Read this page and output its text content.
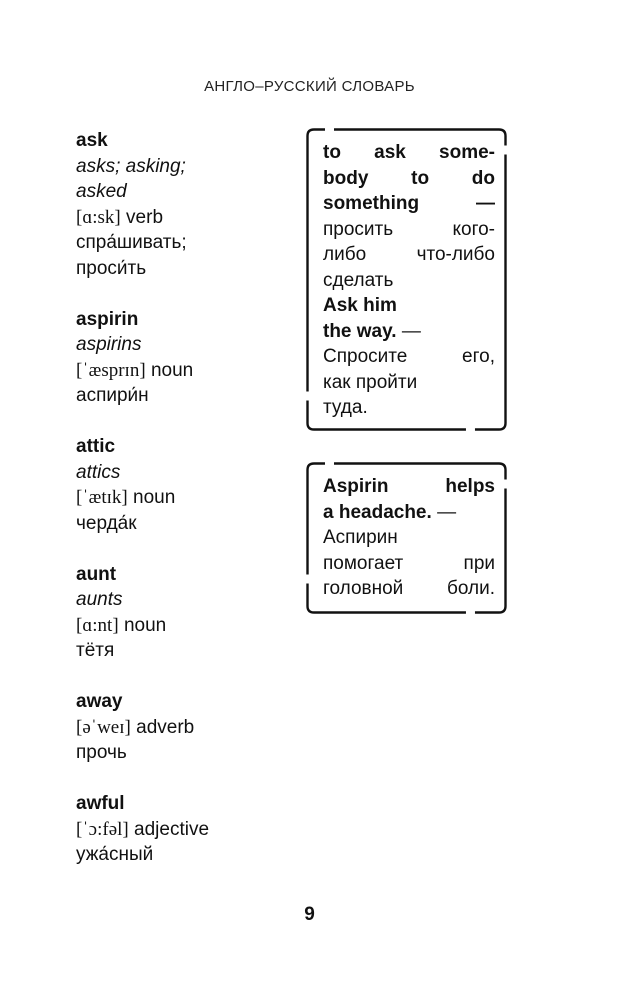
АНГЛО–РУССКИЙ СЛОВАРЬ
ask
asks; asking;
asked
[ɑ:sk] verb
спра́шивать;
проси́ть
aspirin
aspirins
[ˈæsprɪn] noun
аспири́н
attic
attics
[ˈætɪk] noun
черда́к
aunt
aunts
[ɑ:nt] noun
тётя
away
[əˈweɪ] adverb
прочь
awful
[ˈɔ:fəl] adjective
ужа́сный
to ask some-
body to do
something —
просить кого-
либо что-либо
сделать
Ask him
the way. —
Спросите его,
как пройти
туда.
Aspirin helps
a headache. —
Аспирин
помогает при
головной боли.
9
